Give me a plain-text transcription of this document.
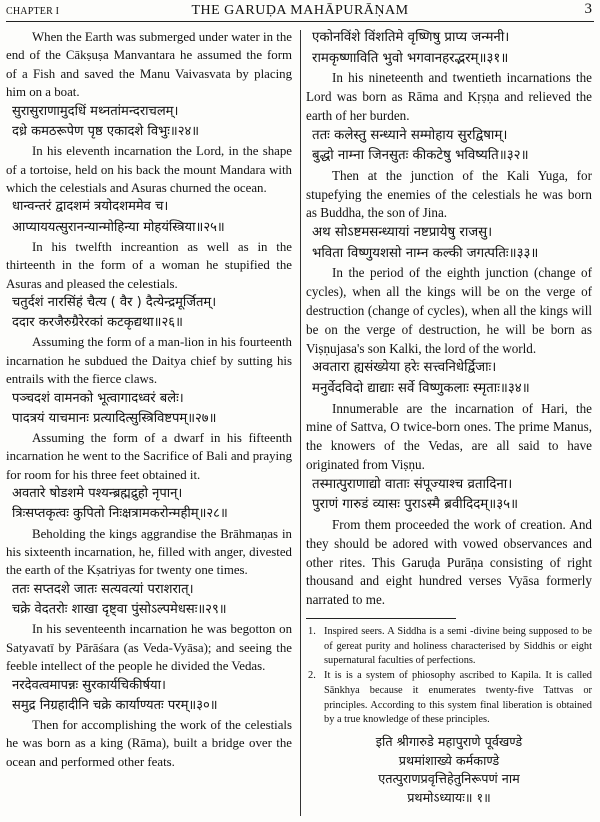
CHAPTER I	THE GARUḌA MAHĀPURĀṆAM	3

When the Earth was submerged under water in the end of the Cākṣuṣa Manvantara he assumed the form of a Fish and saved the Manu Vaivasvata by placing him on a boat.

सुरासुराणामुदधिं मथ्नतांमन्दराचलम्।

दध्रे कमठरूपेण पृष्ठ एकादशे विभुः॥२४॥

In his eleventh incarnation the Lord, in the shape of a tortoise, held on his back the mount Mandara with which the celestials and Asuras churned the ocean.

धान्वन्तरं द्वादशमं त्रयोदशममेव च।

आप्याययत्सुरानन्यान्मोहिन्या मोहयंस्त्रिया॥२५॥

In his twelfth increantion as well as in the thirteenth in the form of a woman he stupified the Asuras and pleased the celestials.

चतुर्दशं नारसिंहं चैत्य ( वैर ) दैत्येन्द्रमूर्जितम्।

ददार करजैरुग्रैरेरकां कटकृद्यथा॥२६॥

Assuming the form of a man-lion in his fourteenth incarnation he subdued the Daitya chief by sutting his entrails with the fierce claws.

पञ्चदशं वामनको भूत्वागादध्वरं बलेः।

पादत्रयं याचमानः प्रत्यादित्सुस्त्रिविष्टपम्॥२७॥

Assuming the form of a dwarf in his fifteenth incarnation he went to the Sacrifice of Bali and praying for room for his three feet obtained it.

अवतारे षोडशमे पश्यन्ब्रह्मद्रुहो नृपान्।

त्रिःसप्तकृत्वः कुपितो निःक्षत्रामकरोन्महीम्॥२८॥

Beholding the kings aggrandise the Brāhmaṇas in his sixteenth incarnation, he, filled with anger, divested the earth of the Kṣatriyas for twenty one times.

ततः सप्तदशे जातः सत्यवत्यां पराशरात्।

चक्रे वेदतरोः शाखा दृष्ट्वा पुंसोऽल्पमेधसः॥२९॥

In his seventeenth incarnation he was begotton on Satyavatī by Pārāśara (as Veda-Vyāsa); and seeing the feeble intellect of the people he divided the Vedas.

नरदेवत्वमापन्नः सुरकार्यचिकीर्षया।

समुद्र निग्रहादीनि चक्रे कार्याण्यतः परम्॥३०॥

Then for accomplishing the work of the celestials he was born as a king (Rāma), built a bridge over the ocean and performed other feats.

एकोनविंशे विंशतिमे वृष्णिषु प्राप्य जन्मनी।

रामकृष्णाविति भुवो भगवानहरद्भरम्॥३१॥

In his nineteenth and twentieth incarnations the Lord was born as Rāma and Kṛṣṇa and relieved the earth of her burden.

ततः कलेस्तु सन्ध्याने सम्मोहाय सुरद्विषाम्।

बुद्धो नाम्ना जिनसुतः कीकटेषु भविष्यति॥३२॥

Then at the junction of the Kali Yuga, for stupefying the enemies of the celestials he was born as Buddha, the son of Jina.

अथ सोऽष्टमसन्ध्यायां नष्टप्रायेषु राजसु।

भविता विष्णुयशसो नाम्न कल्की जगत्पतिः॥३३॥

In the period of the eighth junction (change of cycles), when all the kings will be on the verge of destruction (change of cycles), when all the kings will be on the verge of destruction, he will be born as Viṣṇujasa's son Kalki, the lord of the world.

अवतारा ह्यसंख्येया हरेः सत्त्वनिधेर्द्विजाः।

मनुर्वेदविदो द्याद्याः सर्वे विष्णुकलाः स्मृताः॥३४॥

Innumerable are the incarnation of Hari, the mine of Sattva, O twice-born ones. The prime Manus, the knowers of the Vedas, are all said to have originated from Viṣṇu.

तस्मात्पुराणाद्यो वाताः संपूज्याश्च व्रतादिना।

पुराणं गारुडं व्यासः पुराऽस्मै ब्रवीदिदम्॥३५॥

From them proceeded the work of creation. And they should be adored with vowed observances and other rites. This Garuḍa Purāṇa consisting of right thousand and eight hundred verses Vyāsa formerly narrated to me.

1. Inspired seers. A Siddha is a semi -divine being supposed to be of gereat purity and holiness characterised by Siddhis or eight supernatural faculties of perfections.
2. It is is a system of phiosophy ascribed to Kapila. It is called Sānkhya because it enumerates twenty-five Tattvas or principles. According to this system final liberation is obtained by a true knowledge of these principles.

इति श्रीगारुडे महापुराणे पूर्वखण्डे

प्रथमांशाख्ये कर्मकाण्डे

एतत्पुराणप्रवृत्तिहेतुनिरूपणं नाम

प्रथमोऽध्यायः॥ १॥
